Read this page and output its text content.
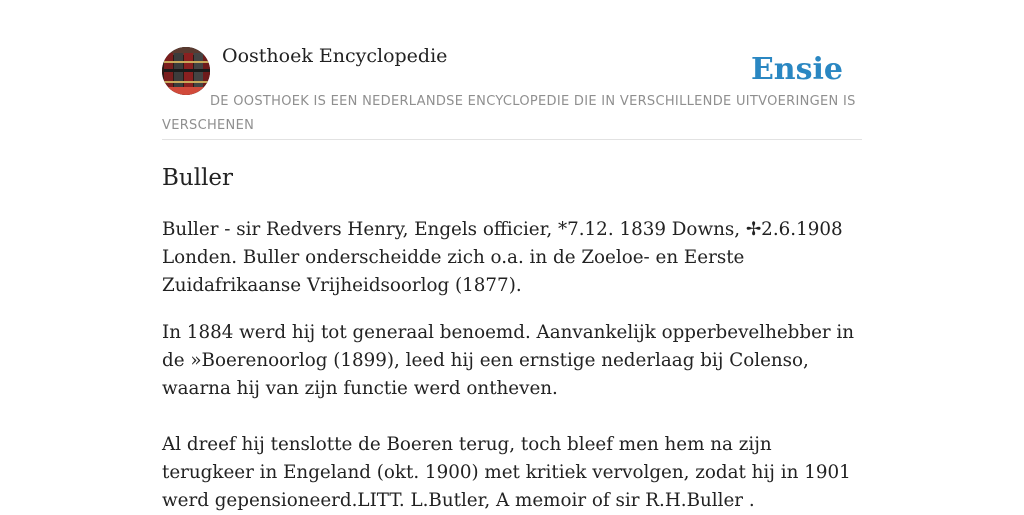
Oosthoek Encyclopedie	Ensie
DE OOSTHOEK IS EEN NEDERLANDSE ENCYCLOPEDIE DIE IN VERSCHILLENDE UITVOERINGEN IS VERSCHENEN
Buller

Buller - sir Redvers Henry, Engels officier, *7.12. 1839 Downs, ✢2.6.1908 Londen. Buller onderscheidde zich o.a. in de Zoeloe- en Eerste Zuidafrikaanse Vrijheidsoorlog (1877).

In 1884 werd hij tot generaal benoemd. Aanvankelijk opperbevelhebber in de »Boerenoorlog (1899), leed hij een ernstige nederlaag bij Colenso, waarna hij van zijn functie werd ontheven.

Al dreef hij tenslotte de Boeren terug, toch bleef men hem na zijn terugkeer in Engeland (okt. 1900) met kritiek vervolgen, zodat hij in 1901 werd gepensioneerd.LITT. L.Butler, A memoir of sir R.H.Buller .
